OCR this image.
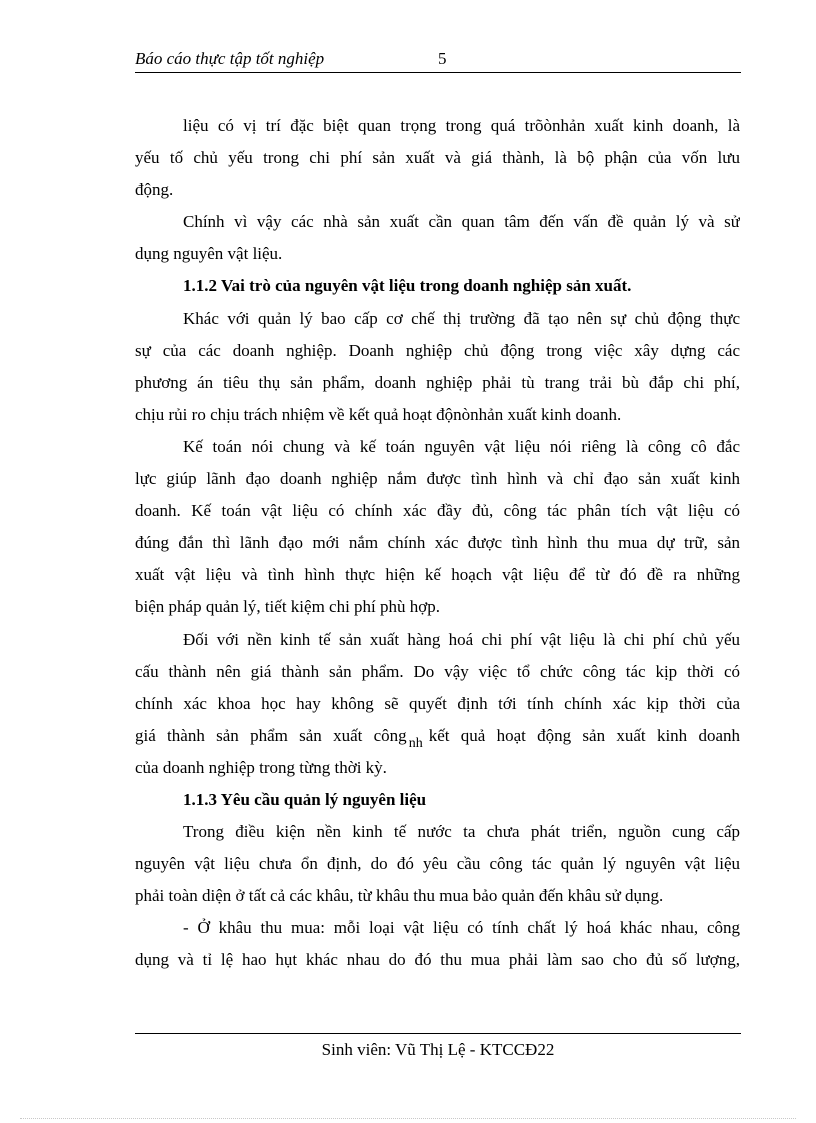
Báo cáo thực tập tốt nghiệp	5
liệu có vị trí đặc biệt quan trọng trong quá trõònhản xuất kinh doanh, là
yếu tố chủ yếu trong chi phí sản xuất và giá thành, là bộ phận của vốn lưu
động.
Chính vì vậy các nhà sản xuất cần quan tâm đến vấn đề quản lý và sử
dụng nguyên vật liệu.
1.1.2 Vai trò của nguyên vật liệu trong doanh nghiệp sản xuất.
Khác với quản lý bao cấp cơ chế thị trường đã tạo nên sự chủ động thực
sự của các doanh nghiệp. Doanh nghiệp chủ động trong việc xây dựng các
phương án tiêu thụ sản phẩm, doanh nghiệp phải tù trang trải bù đắp chi phí,
chịu rủi ro chịu trách nhiệm về kết quả hoạt độnònhản xuất kinh doanh.
Kế toán nói chung và kế toán nguyên vật liệu nói riêng là công cô đắc
lực giúp lãnh đạo doanh nghiệp nắm được tình hình và chỉ đạo sản xuất kinh
doanh. Kế toán vật liệu có chính xác đầy đủ, công tác phân tích vật liệu có
đúng đắn thì lãnh đạo mới nắm chính xác được tình hình thu mua dự trữ, sản
xuất vật liệu và tình hình thực hiện kế hoạch vật liệu để từ đó đề ra những
biện pháp quản lý, tiết kiệm chi phí phù hợp.
Đối với nền kinh tế sản xuất hàng hoá chi phí vật liệu là chi phí chủ yếu
cấu thành nên giá thành sản phẩm. Do vậy việc tổ chức công tác kịp thời có
chính xác khoa học hay không sẽ quyết định tới tính chính xác kịp thời của
giá thành sản phẩm sản xuất công $_{nh}$ kết quả hoạt động sản xuất kinh doanh
của doanh nghiệp trong từng thời kỳ.
1.1.3 Yêu cầu quản lý nguyên liệu
Trong điều kiện nền kinh tế nước ta chưa phát triển, nguồn cung cấp
nguyên vật liệu chưa ổn định, do đó yêu cầu công tác quản lý nguyên vật liệu
phải toàn diện ở tất cả các khâu, từ khâu thu mua bảo quản đến khâu sử dụng.
- Ở khâu thu mua: mỗi loại vật liệu có tính chất lý hoá khác nhau, công
dụng và tỉ lệ hao hụt khác nhau do đó thu mua phải làm sao cho đủ số lượng,
Sinh viên: Vũ Thị Lệ - KTCCĐ22
